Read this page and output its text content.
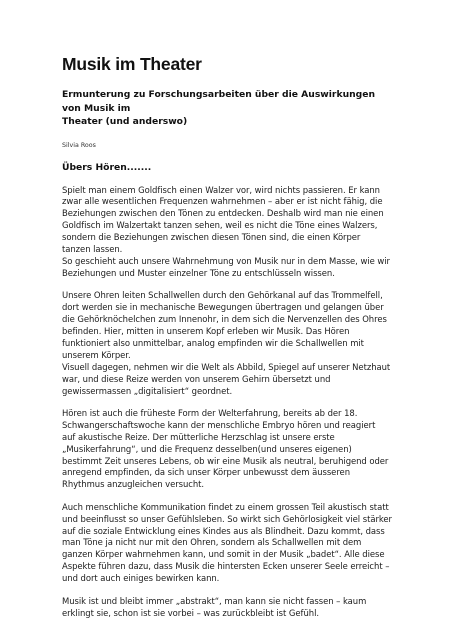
Musik im Theater
Ermunterung zu Forschungsarbeiten über die Auswirkungen von Musik im
Theater (und anderswo)
Silvia Roos
Übers Hören.......
Spielt man einem Goldfisch einen Walzer vor, wird nichts passieren. Er kann
zwar alle wesentlichen Frequenzen wahrnehmen – aber er ist nicht fähig, die
Beziehungen zwischen den Tönen zu entdecken. Deshalb wird man nie einen
Goldfisch im Walzertakt tanzen sehen, weil es nicht die Töne eines Walzers,
sondern die Beziehungen zwischen diesen Tönen sind, die einen Körper
tanzen lassen.
So geschieht auch unsere Wahrnehmung von Musik nur in dem Masse, wie wir
Beziehungen und Muster einzelner Töne zu entschlüsseln wissen.
Unsere Ohren leiten Schallwellen durch den Gehörkanal auf das Trommelfell,
dort werden sie in mechanische Bewegungen übertragen und gelangen über
die Gehörknöchelchen zum Innenohr, in dem sich die Nervenzellen des Ohres
befinden. Hier, mitten in unserem Kopf erleben wir Musik. Das Hören
funktioniert also unmittelbar, analog empfinden wir die Schallwellen mit
unserem Körper.
Visuell dagegen, nehmen wir die Welt als Abbild, Spiegel auf unserer Netzhaut
war, und diese Reize werden von unserem Gehirn übersetzt und
gewissermassen „digitalisiert“ geordnet.
Hören ist auch die früheste Form der Welterfahrung, bereits ab der 18.
Schwangerschaftswoche kann der menschliche Embryo hören und reagiert
auf akustische Reize. Der mütterliche Herzschlag ist unsere erste
„Musikerfahrung“, und die Frequenz desselben(und unseres eigenen)
bestimmt Zeit unseres Lebens, ob wir eine Musik als neutral, beruhigend oder
anregend empfinden, da sich unser Körper unbewusst dem äusseren
Rhythmus anzugleichen versucht.
Auch menschliche Kommunikation findet zu einem grossen Teil akustisch statt
und beeinflusst so unser Gefühlsleben. So wirkt sich Gehörlosigkeit viel stärker
auf die soziale Entwicklung eines Kindes aus als Blindheit. Dazu kommt, dass
man Töne ja nicht nur mit den Ohren, sondern als Schallwellen mit dem
ganzen Körper wahrnehmen kann, und somit in der Musik „badet“. Alle diese
Aspekte führen dazu, dass Musik die hintersten Ecken unserer Seele erreicht –
und dort auch einiges bewirken kann.
Musik ist und bleibt immer „abstrakt“, man kann sie nicht fassen – kaum
erklingt sie, schon ist sie vorbei – was zurückbleibt ist Gefühl.
